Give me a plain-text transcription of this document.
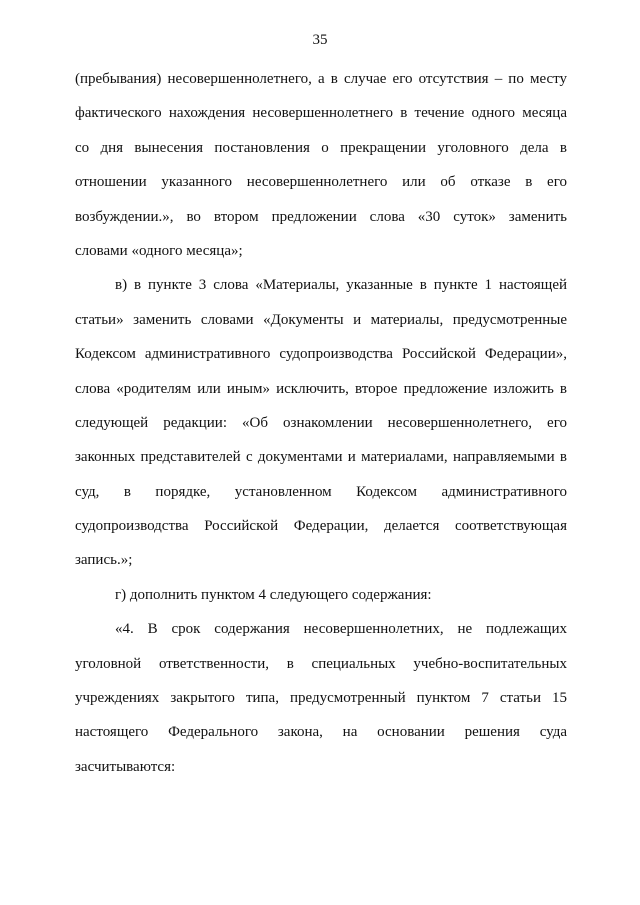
35
(пребывания) несовершеннолетнего, а в случае его отсутствия – по месту
фактического нахождения несовершеннолетнего в течение одного месяца
со дня вынесения постановления о прекращении уголовного дела в
отношении указанного несовершеннолетнего или об отказе в его
возбуждении.», во втором предложении слова «30 суток» заменить
словами «одного месяца»;
в) в пункте 3 слова «Материалы, указанные в пункте 1 настоящей
статьи» заменить словами «Документы и материалы, предусмотренные
Кодексом административного судопроизводства Российской Федерации»,
слова «родителям или иным» исключить, второе предложение изложить в
следующей редакции: «Об ознакомлении несовершеннолетнего, его
законных представителей с документами и материалами, направляемыми в
суд, в порядке, установленном Кодексом административного
судопроизводства Российской Федерации, делается соответствующая
запись.»;
г) дополнить пунктом 4 следующего содержания:
«4. В срок содержания несовершеннолетних, не подлежащих
уголовной ответственности, в специальных учебно-воспитательных
учреждениях закрытого типа, предусмотренный пунктом 7 статьи 15
настоящего Федерального закона, на основании решения суда
засчитываются:
